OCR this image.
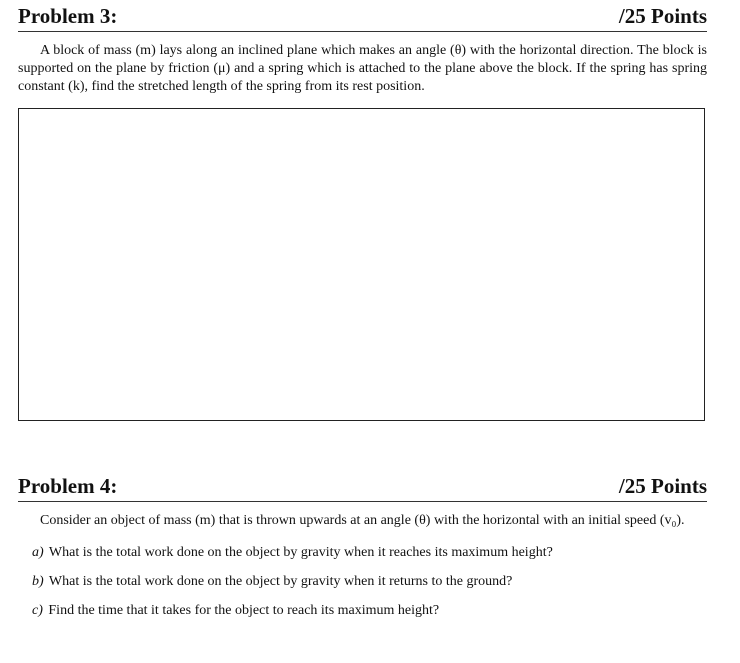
Problem 3:	/25 Points
A block of mass (m) lays along an inclined plane which makes an angle (θ) with the horizontal direction. The block is supported on the plane by friction (μ) and a spring which is attached to the plane above the block. If the spring has spring constant (k), find the stretched length of the spring from its rest position.
Problem 4:	/25 Points
Consider an object of mass (m) that is thrown upwards at an angle (θ) with the horizontal with an initial speed (v₀).
a) What is the total work done on the object by gravity when it reaches its maximum height?
b) What is the total work done on the object by gravity when it returns to the ground?
c) Find the time that it takes for the object to reach its maximum height?
